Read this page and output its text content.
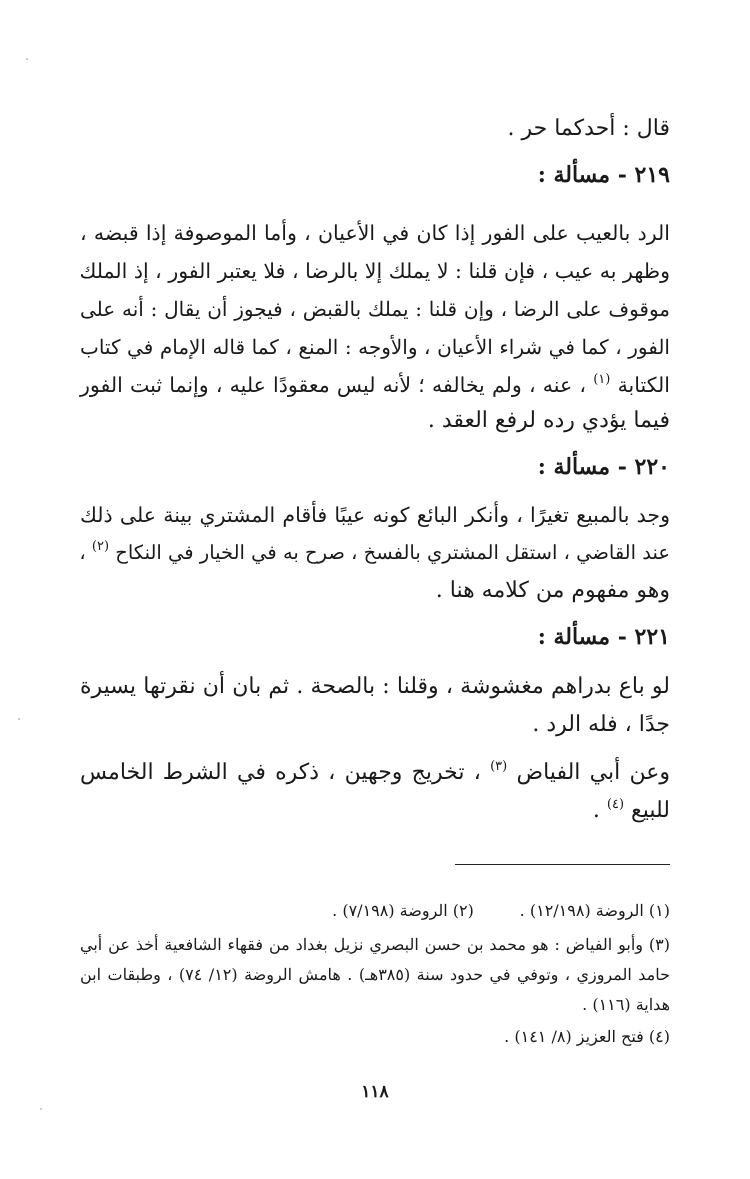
قال : أحدكما حر .
٢١٩ - مسألة :
الرد بالعيب على الفور إذا كان في الأعيان ، وأما الموصوفة إذا قبضه ،
وظهر به عيب ، فإن قلنا : لا يملك إلا بالرضا ، فلا يعتبر الفور ، إذ الملك
موقوف على الرضا ، وإن قلنا : يملك بالقبض ، فيجوز أن يقال : أنه على
الفور ، كما في شراء الأعيان ، والأوجه : المنع ، كما قاله الإمام في كتاب
الكتابة $^{(١)}$ ، عنه ، ولم يخالفه ؛ لأنه ليس معقودًا عليه ، وإنما ثبت الفور
فيما يؤدي رده لرفع العقد .
٢٢٠ - مسألة :
وجد بالمبيع تغيرًا ، وأنكر البائع كونه عيبًا فأقام المشتري بينة على ذلك
عند القاضي ، استقل المشتري بالفسخ ، صرح به في الخيار في النكاح $^{(٢)}$ ،
وهو مفهوم من كلامه هنا .
٢٢١ - مسألة :
لو باع بدراهم مغشوشة ، وقلنا : بالصحة . ثم بان أن نقرتها يسيرة
جدًا ، فله الرد .
وعن أبي الفياض $^{(٣)}$ ، تخريج وجهين ، ذكره في الشرط الخامس
للبيع $^{(٤)}$ .
(١) الروضة (١٢/١٩٨) .         (٢) الروضة (٧/١٩٨) .
(٣) وأبو الفياض : هو محمد بن حسن البصري نزيل بغداد من فقهاء الشافعية أخذ عن أبي
حامد المروزي ، وتوفي في حدود سنة (٣٨٥هـ) . هامش الروضة (١٢/ ٧٤) ، وطبقات ابن
هداية (١١٦) .
(٤) فتح العزيز (٨/ ١٤١) .
١١٨
